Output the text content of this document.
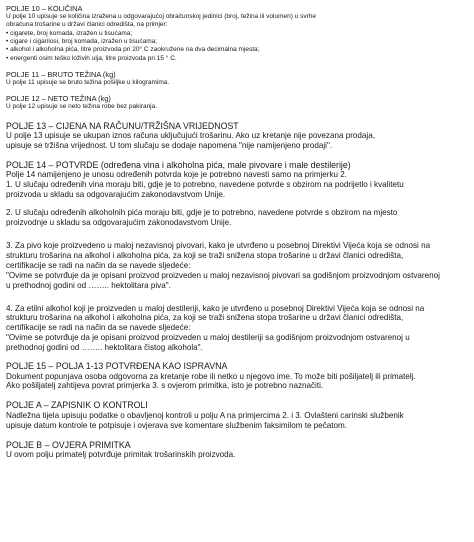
POLJE 10 – KOLIČINA
U polje 10 upisuje se količina izražena u odgovarajućoj obračunskoj jedinici (broj, težina ili volumen) u svrhe
obračuna trošarine u državi članici odredišta, na primjer:
• cigarete, broj komada, izražen u tisućama;
• cigare i cigarilosi, broj komada, izražen u tisućama;
• alkohol i alkoholna pića, litre proizvoda pri 20° C zaokružene na dva decimalna mjesta;
• energenti osim teško loživih ulja, litre proizvoda pri 15 ° C.
POLJE 11 – BRUTO TEŽINA (kg)
U polje 11 upisuje se bruto težina pošiljke u kilogramima.
POLJE 12 – NETO TEŽINA (kg)
U polje 12 upisuje se neto težina robe bez pakiranja.
POLJE 13 – CIJENA NA RAČUNU/TRŽIŠNA VRIJEDNOST
U polje 13 upisuje se ukupan iznos računa uključujući trošarinu. Ako uz kretanje nije povezana prodaja,
upisuje se tržišna vrijednost. U tom slučaju se dodaje napomena "nije namijenjeno prodaji".
POLJE 14 – POTVRDE (određena vina i alkoholna pića, male pivovare i male destilerije)
Polje 14 namijenjeno je unosu određenih potvrda koje je potrebno navesti samo na primjerku 2.
1. U slučaju određenih vina moraju biti, gdje je to potrebno, navedene potvrde s obzirom na podrijetlo i kvalitetu
proizvoda u skladu sa odgovarajućim zakonodavstvom Unije.
2. U slučaju određenih alkoholnih pića moraju biti, gdje je to potrebno, navedene potvrde s obzirom na mjesto
proizvodnje u skladu sa odgovarajućim zakonodavstvom Unije.
3. Za pivo koje proizvedeno u maloj nezavisnoj pivovari, kako je utvrđeno u posebnoj Direktivi Vijeća koja se odnosi na
strukturu trošarina na alkohol i alkoholna pića, za koji se traži snižena stopa trošarine u državi članici odredišta,
certifikacije se radi na način da se navede sljedeće:
"Ovime se potvrđuje da je opisani proizvod proizveden u maloj nezavisnoj pivovari sa godišnjom proizvodnjom ostvarenoj
u prethodnoj godini od …….. hektolitara piva".
4. Za etilni alkohol koji je proizveden u maloj destileriji, kako je utvrđeno u posebnoj Direktivi Vijeća koja se odnosi na
strukturu trošarina na alkohol i alkoholna pića, za koji se traži snižena stopa trošarine u državi članici odredišta,
certifikacije se radi na način da se navede sljedeće:
"Ovime se potvrđuje da je opisani proizvod proizveden u maloj destileriji sa godišnjom proizvodnjom ostvarenoj u
prethodnoj godini od …….. hektolitara čistog alkohola".
POLJE 15 – POLJA 1-13 POTVRĐENA KAO ISPRAVNA
Dokument popunjava osoba odgovorna za kretanje robe ili netko u njegovo ime. To može biti pošiljatelj ili primatelj.
Ako pošiljatelj zahtijeva povrat primjerka 3. s ovjerom primitka, isto je potrebno naznačiti.
POLJE A – ZAPISNIK O KONTROLI
Nadležna tijela upisuju podatke o obavljenoj kontroli u polju A na primjercima 2. i 3. Ovlašteni carinski službenik
upisuje datum kontrole te potpisuje i ovjerava sve komentare službenim faksimilom te pečatom.
POLJE B – OVJERA PRIMITKA
U ovom polju primatelj potvrđuje primitak trošarinskih proizvoda.
